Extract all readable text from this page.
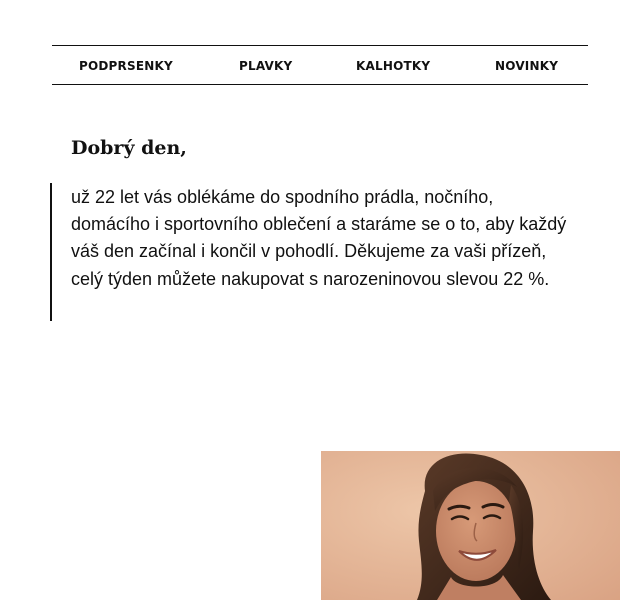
PODPRSENKY	PLAVKY	KALHOTKY	NOVINKY
Dobrý den,

už 22 let vás oblékáme do spodního prádla, nočního, domácího i sportovního oblečení a staráme se o to, aby každý váš den začínal i končil v pohodlí. Děkujeme za vaši přízeň, celý týden můžete nakupovat s narozeninovou slevou 22 %.
